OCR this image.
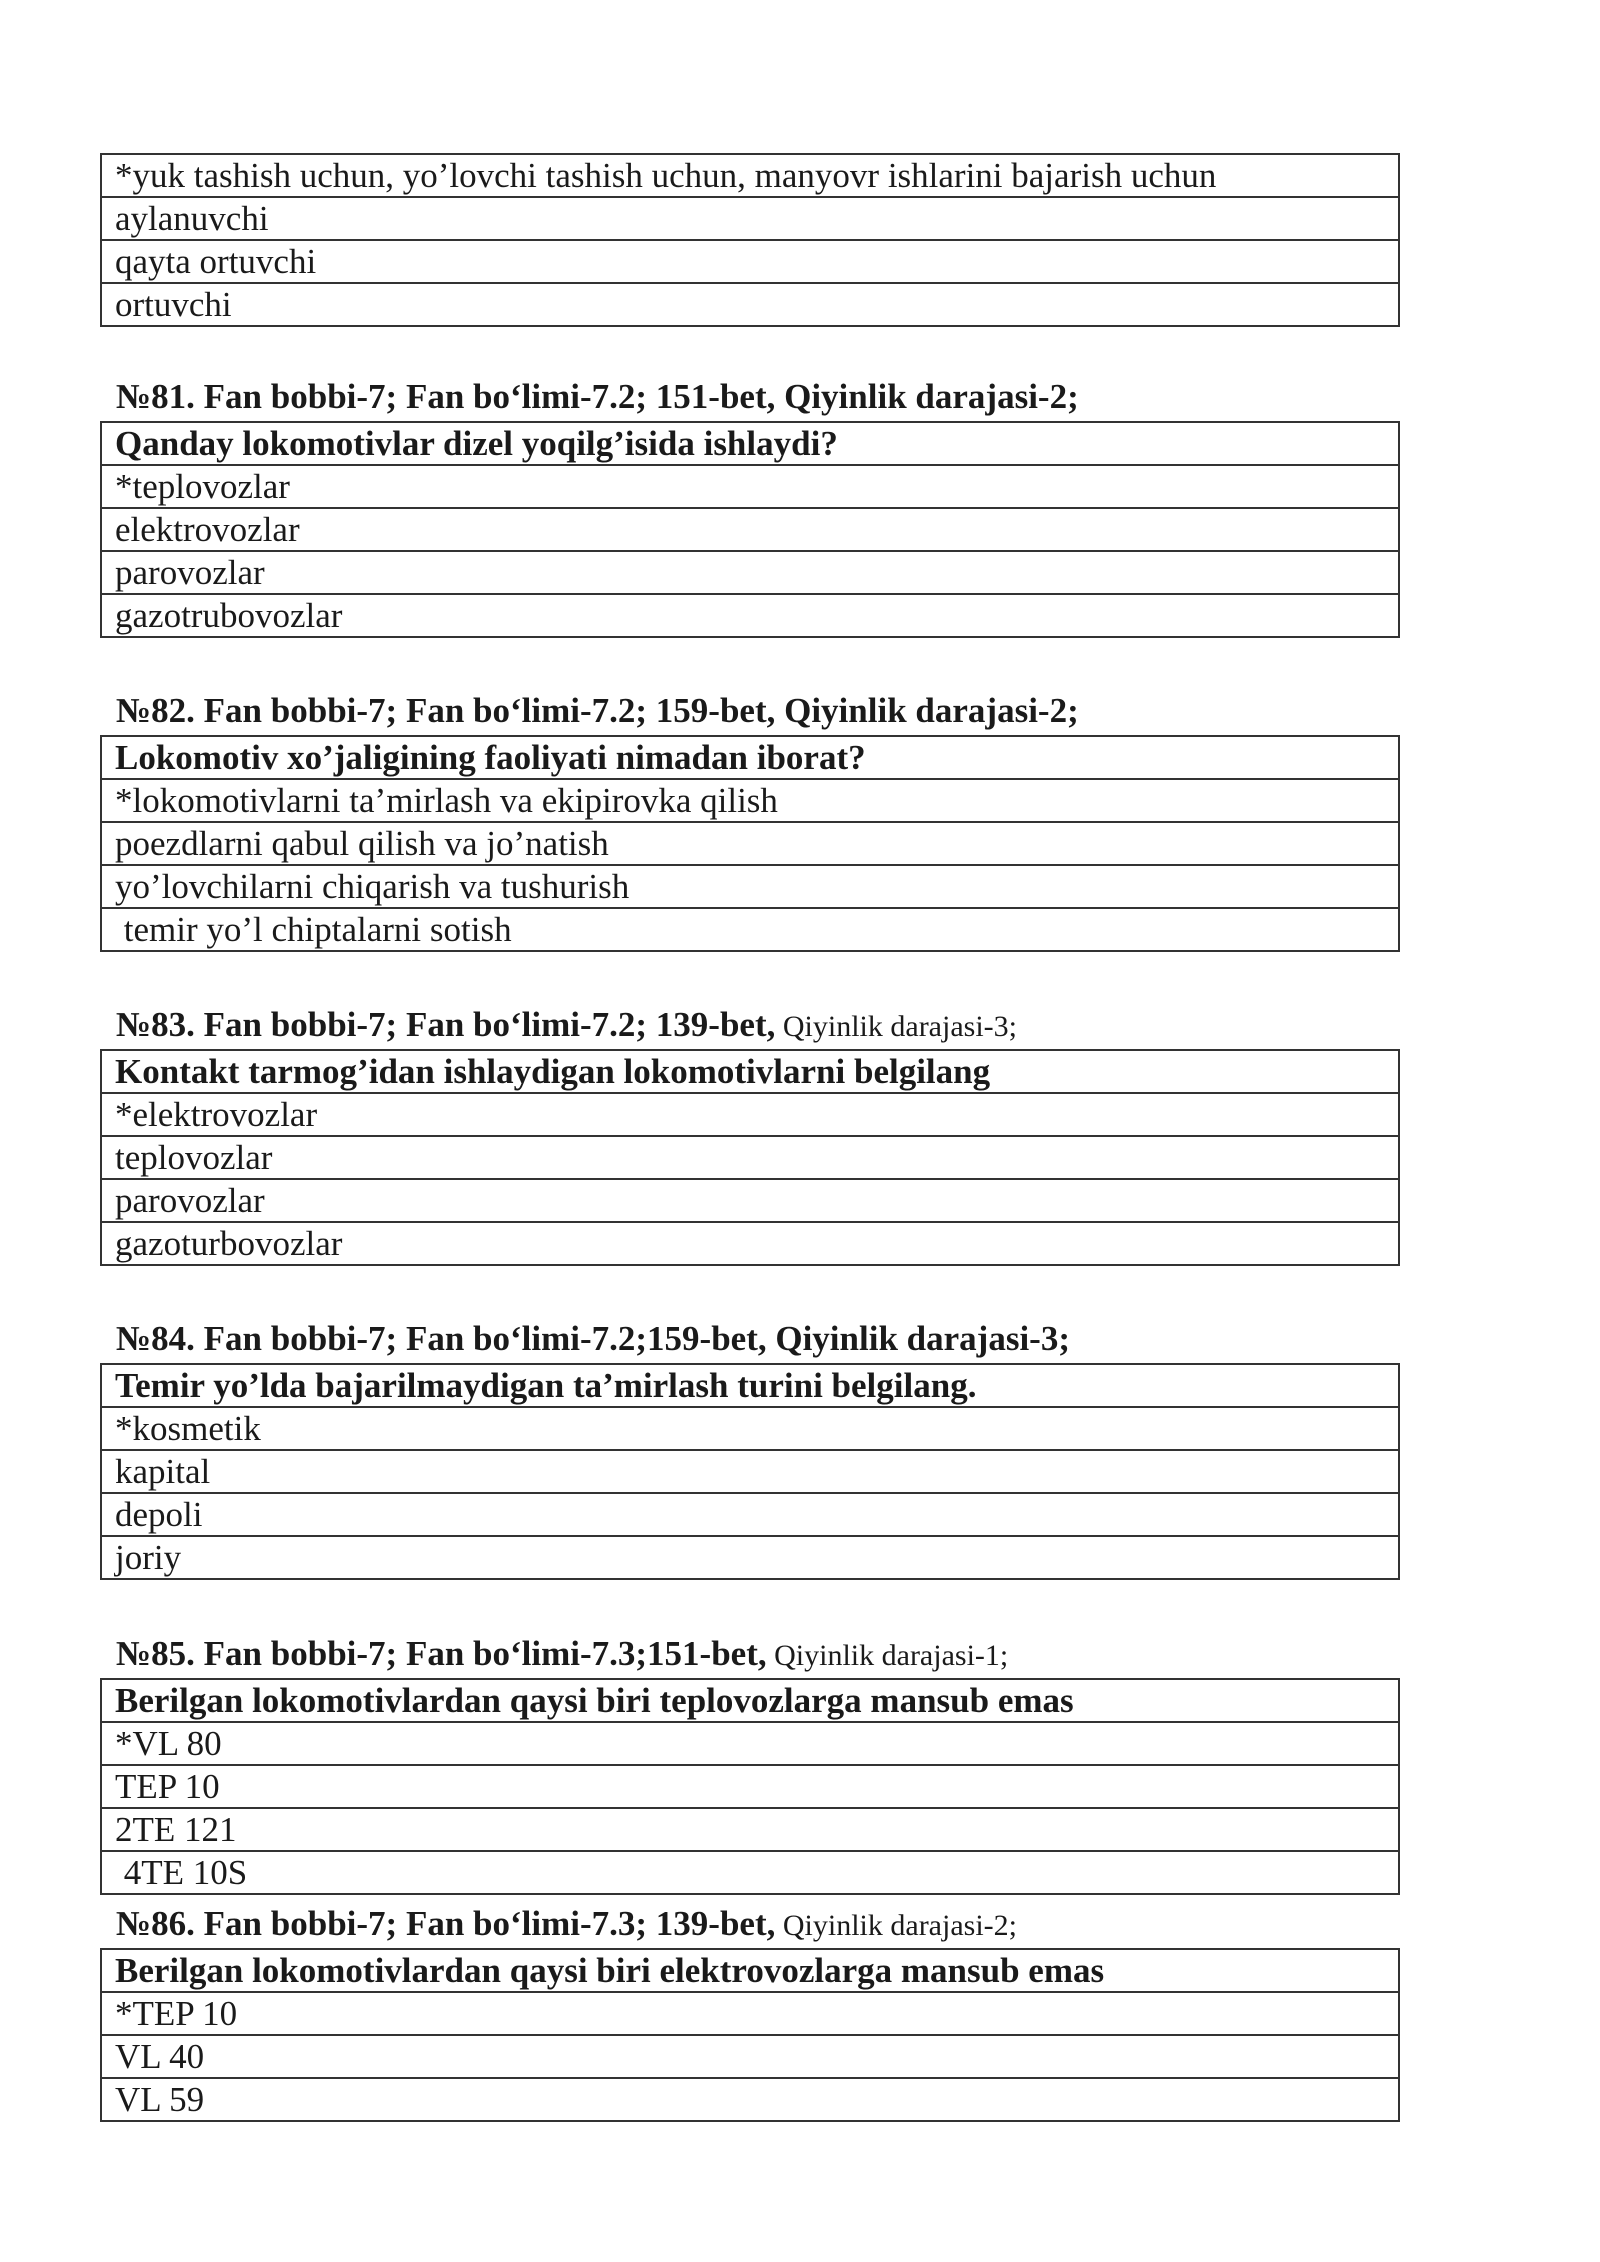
*yuk tashish uchun, yo’lovchi tashish uchun, manyovr ishlarini bajarish uchun
aylanuvchi
qayta ortuvchi
ortuvchi
№81. Fan bobbi-7; Fan bo‘limi-7.2; 151-bet, Qiyinlik darajasi-2;
Qanday lokomotivlar dizel yoqilg’isida ishlaydi?
*teplovozlar
elektrovozlar
parovozlar
gazotrubovozlar
№82. Fan bobbi-7; Fan bo‘limi-7.2; 159-bet, Qiyinlik darajasi-2;
Lokomotiv xo’jaligining faoliyati nimadan iborat?
*lokomotivlarni ta’mirlash va ekipirovka qilish
poezdlarni qabul qilish va jo’natish
yo’lovchilarni chiqarish va tushurish
temir yo’l chiptalarni sotish
№83. Fan bobbi-7; Fan bo‘limi-7.2; 139-bet, Qiyinlik darajasi-3;
Kontakt tarmog’idan ishlaydigan lokomotivlarni belgilang
*elektrovozlar
teplovozlar
parovozlar
gazoturbovozlar
№84. Fan bobbi-7; Fan bo‘limi-7.2;159-bet, Qiyinlik darajasi-3;
Temir yo’lda bajarilmaydigan ta’mirlash turini belgilang.
*kosmetik
kapital
depoli
joriy
№85. Fan bobbi-7; Fan bo‘limi-7.3;151-bet, Qiyinlik darajasi-1;
Berilgan lokomotivlardan qaysi biri teplovozlarga mansub emas
*VL 80
TEP 10
2TE 121
4TE 10S
№86. Fan bobbi-7; Fan bo‘limi-7.3; 139-bet, Qiyinlik darajasi-2;
Berilgan lokomotivlardan qaysi biri elektrovozlarga mansub emas
*TEP 10
VL 40
VL 59
